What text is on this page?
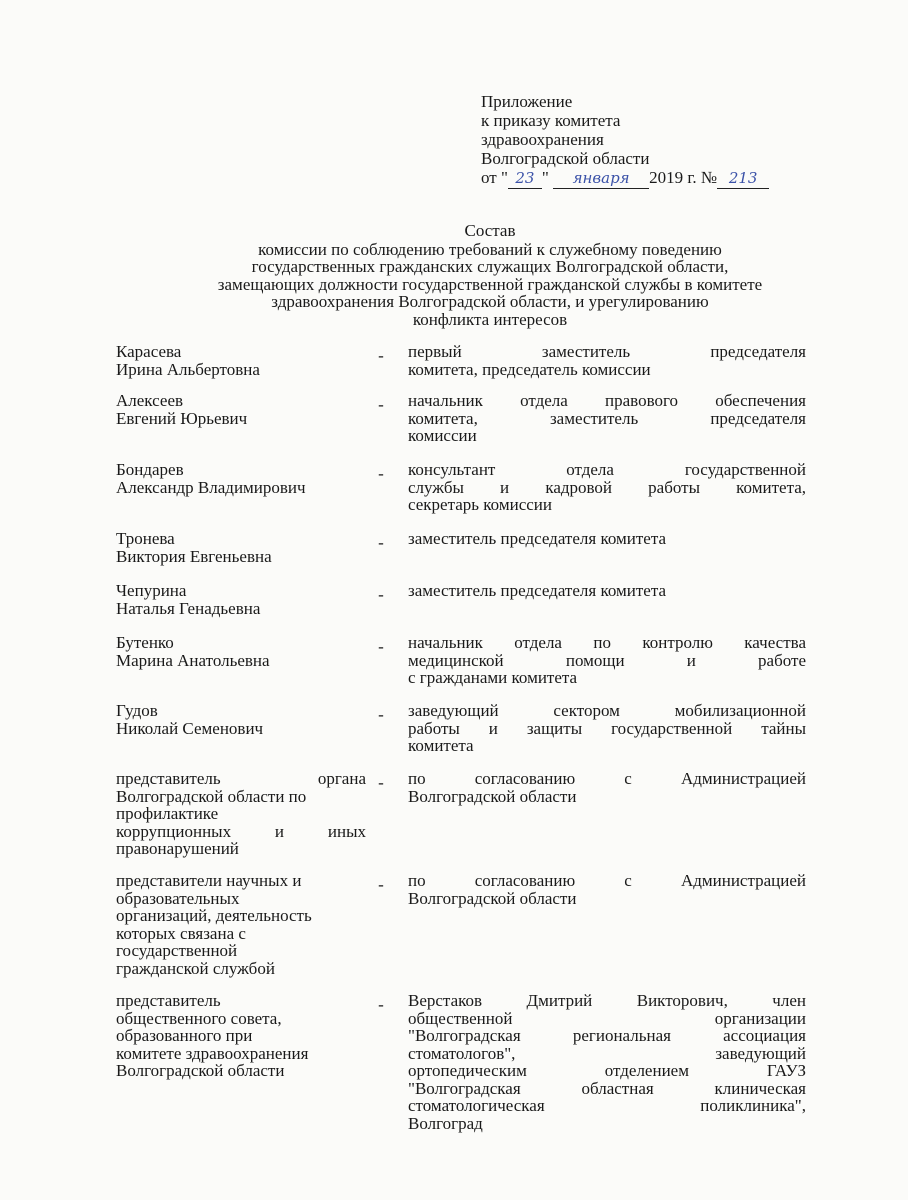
Приложение
к приказу комитета
здравоохранения
Волгоградской области
от " 23 " января 2019 г. № 213
Состав
комиссии по соблюдению требований к служебному поведению
государственных гражданских служащих Волгоградской области,
замещающих должности государственной гражданской службы в комитете
здравоохранения Волгоградской области, и урегулированию
конфликта интересов
Карасева
Ирина Альбертовна
-	первый заместитель председателя
комитета, председатель комиссии
Алексеев
Евгений Юрьевич
-	начальник отдела правового обеспечения
комитета, заместитель председателя
комиссии
Бондарев
Александр Владимирович
-	консультант отдела государственной
службы и кадровой работы комитета,
секретарь комиссии
Тронева
Виктория Евгеньевна
-	заместитель председателя комитета
Чепурина
Наталья Генадьевна
-	заместитель председателя комитета
Бутенко
Марина Анатольевна
-	начальник отдела по контролю качества
медицинской помощи и работе
с гражданами комитета
Гудов
Николай Семенович
-	заведующий сектором мобилизационной
работы и защиты государственной тайны
комитета
представитель органа
Волгоградской области по
профилактике
коррупционных и иных
правонарушений
-	по согласованию с Администрацией
Волгоградской области
представители научных и
образовательных
организаций, деятельность
которых связана с
государственной
гражданской службой
-	по согласованию с Администрацией
Волгоградской области
представитель
общественного совета,
образованного при
комитете здравоохранения
Волгоградской области
-	Верстаков Дмитрий Викторович, член
общественной организации
"Волгоградская региональная ассоциация
стоматологов", заведующий
ортопедическим отделением ГАУЗ
"Волгоградская областная клиническая
стоматологическая поликлиника",
Волгоград
